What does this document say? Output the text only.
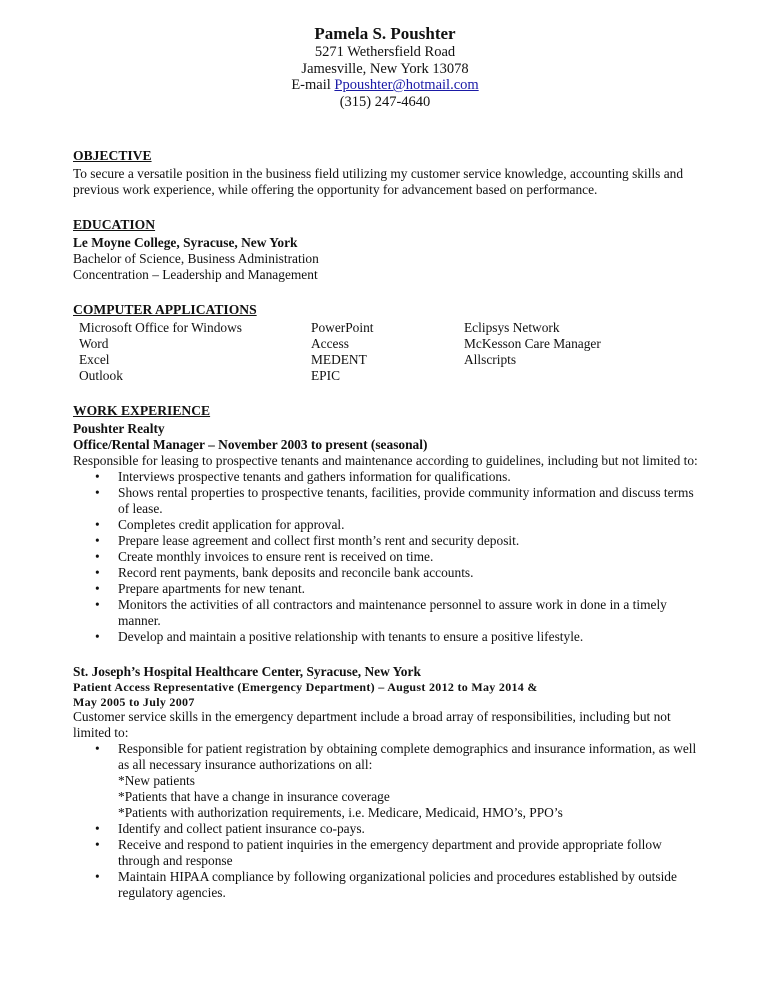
Pamela S. Poushter
5271 Wethersfield Road
Jamesville, New York 13078
E-mail Ppoushter@hotmail.com
(315) 247-4640
OBJECTIVE

To secure a versatile position in the business field utilizing my customer service knowledge, accounting skills and previous work experience, while offering the opportunity for advancement based on performance.

EDUCATION
Le Moyne College, Syracuse, New York
Bachelor of Science, Business Administration
Concentration – Leadership and Management
COMPUTER APPLICATIONS
Microsoft Office for Windows
Word
Excel
Outlook
PowerPoint
Access
MEDENT
EPIC
Eclipsys Network
McKesson Care Manager
Allscripts
WORK EXPERIENCE
Poushter Realty
Office/Rental Manager – November 2003 to present (seasonal)

Responsible for leasing to prospective tenants and maintenance according to guidelines, including but not limited to:

• Interviews prospective tenants and gathers information for qualifications.
• Shows rental properties to prospective tenants, facilities, provide community information and discuss terms of lease.
• Completes credit application for approval.
• Prepare lease agreement and collect first month’s rent and security deposit.
• Create monthly invoices to ensure rent is received on time.
• Record rent payments, bank deposits and reconcile bank accounts.
• Prepare apartments for new tenant.
• Monitors the activities of all contractors and maintenance personnel to assure work in done in a timely manner.
• Develop and maintain a positive relationship with tenants to ensure a positive lifestyle.
St. Joseph’s Hospital Healthcare Center, Syracuse, New York
Patient Access Representative (Emergency Department) – August 2012 to May 2014 &
May 2005 to July 2007

Customer service skills in the emergency department include a broad array of responsibilities, including but not limited to:

• Responsible for patient registration by obtaining complete demographics and insurance information, as well as all necessary insurance authorizations on all:
*New patients
*Patients that have a change in insurance coverage
*Patients with authorization requirements, i.e. Medicare, Medicaid, HMO’s, PPO’s
• Identify and collect patient insurance co-pays.
• Receive and respond to patient inquiries in the emergency department and provide appropriate follow through and response
• Maintain HIPAA compliance by following organizational policies and procedures established by outside regulatory agencies.
